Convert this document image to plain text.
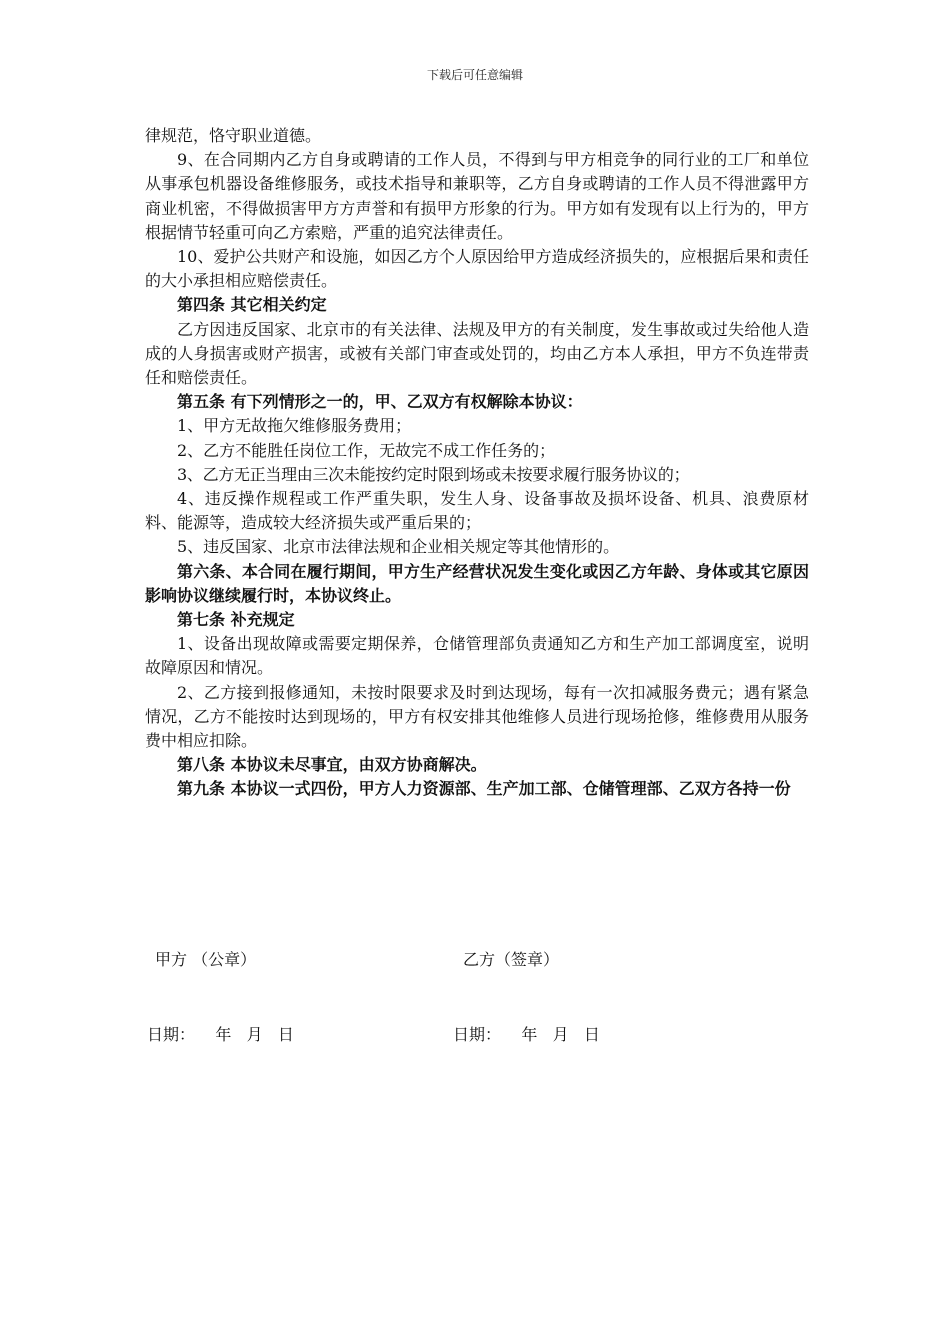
下载后可任意编辑

律规范，恪守职业道德。

9、在合同期内乙方自身或聘请的工作人员，不得到与甲方相竞争的同行业的工厂和单位从事承包机器设备维修服务，或技术指导和兼职等，乙方自身或聘请的工作人员不得泄露甲方商业机密，不得做损害甲方方声誉和有损甲方形象的行为。甲方如有发现有以上行为的，甲方根据情节轻重可向乙方索赔，严重的追究法律责任。

10、爱护公共财产和设施，如因乙方个人原因给甲方造成经济损失的，应根据后果和责任的大小承担相应赔偿责任。

第四条 其它相关约定

乙方因违反国家、北京市的有关法律、法规及甲方的有关制度，发生事故或过失给他人造成的人身损害或财产损害，或被有关部门审查或处罚的，均由乙方本人承担，甲方不负连带责任和赔偿责任。

第五条 有下列情形之一的，甲、乙双方有权解除本协议：

1、甲方无故拖欠维修服务费用；

2、乙方不能胜任岗位工作，无故完不成工作任务的；

3、乙方无正当理由三次未能按约定时限到场或未按要求履行服务协议的；

4、违反操作规程或工作严重失职，发生人身、设备事故及损坏设备、机具、浪费原材料、能源等，造成较大经济损失或严重后果的；

5、违反国家、北京市法律法规和企业相关规定等其他情形的。

第六条、本合同在履行期间，甲方生产经营状况发生变化或因乙方年龄、身体或其它原因影响协议继续履行时，本协议终止。

第七条 补充规定

1、设备出现故障或需要定期保养，仓储管理部负责通知乙方和生产加工部调度室，说明故障原因和情况。

2、乙方接到报修通知，未按时限要求及时到达现场，每有一次扣减服务费元；遇有紧急情况，乙方不能按时达到现场的，甲方有权安排其他维修人员进行现场抢修，维修费用从服务费中相应扣除。

第八条 本协议未尽事宜，由双方协商解决。

第九条 本协议一式四份，甲方人力资源部、生产加工部、仓储管理部、乙双方各持一份

甲方 （公章）	乙方（签章）
日期：    年   月   日	日期：    年   月   日
